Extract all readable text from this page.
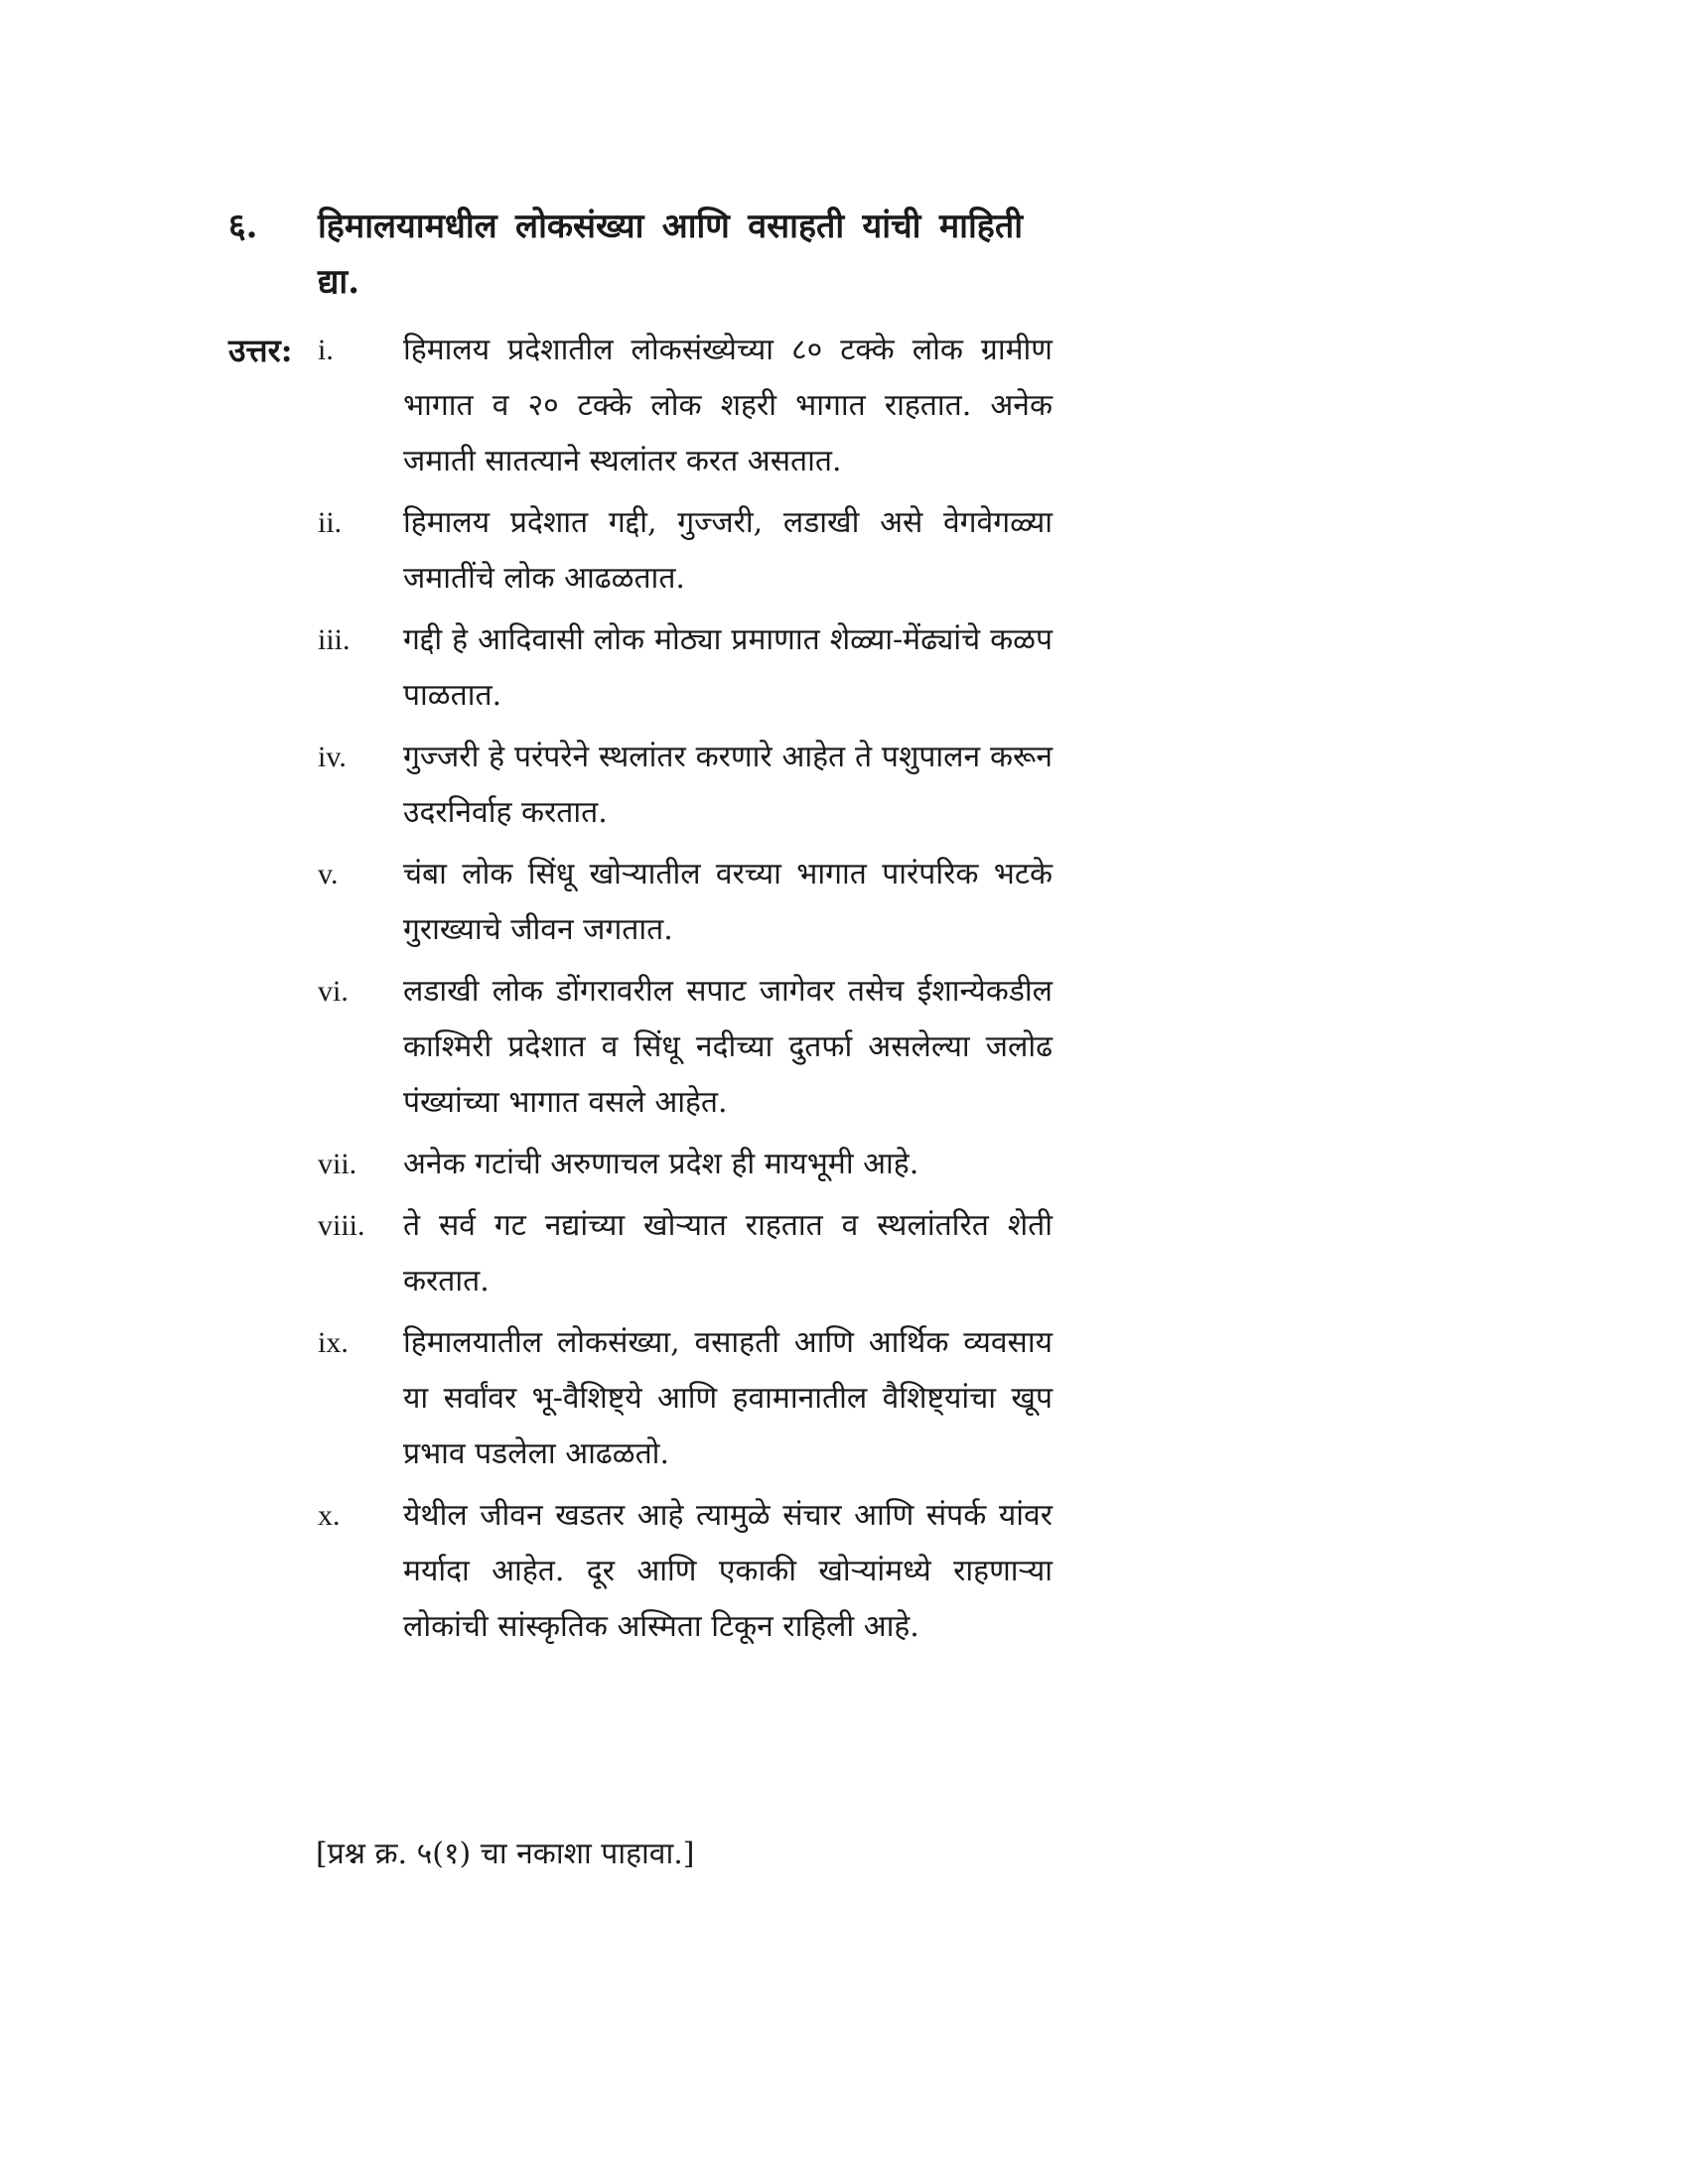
६. हिमालयामधील लोकसंख्या आणि वसाहती यांची माहिती द्या.
उत्तर: i.	हिमालय प्रदेशातील लोकसंख्येच्या ८० टक्के लोक ग्रामीण भागात व २० टक्के लोक शहरी भागात राहतात. अनेक जमाती सातत्याने स्थलांतर करत असतात.
ii.	हिमालय प्रदेशात गद्दी, गुज्जरी, लडाखी असे वेगवेगळ्या जमातींचे लोक आढळतात.
iii.	गद्दी हे आदिवासी लोक मोठ्या प्रमाणात शेळ्या-मेंढ्यांचे कळप पाळतात.
iv.	गुज्जरी हे परंपरेने स्थलांतर करणारे आहेत ते पशुपालन करून उदरनिर्वाह करतात.
v.	चंबा लोक सिंधू खोऱ्यातील वरच्या भागात पारंपरिक भटके गुराख्याचे जीवन जगतात.
vi.	लडाखी लोक डोंगरावरील सपाट जागेवर तसेच ईशान्येकडील काश्मिरी प्रदेशात व सिंधू नदीच्या दुतर्फा असलेल्या जलोढ पंख्यांच्या भागात वसले आहेत.
vii.	अनेक गटांची अरुणाचल प्रदेश ही मायभूमी आहे.
viii.	ते सर्व गट नद्यांच्या खोऱ्यात राहतात व स्थलांतरित शेती करतात.
ix.	हिमालयातील लोकसंख्या, वसाहती आणि आर्थिक व्यवसाय या सर्वांवर भू-वैशिष्ट्ये आणि हवामानातील वैशिष्ट्यांचा खूप प्रभाव पडलेला आढळतो.
x.	येथील जीवन खडतर आहे त्यामुळे संचार आणि संपर्क यांवर मर्यादा आहेत. दूर आणि एकाकी खोऱ्यांमध्ये राहणाऱ्या लोकांची सांस्कृतिक अस्मिता टिकून राहिली आहे.
[प्रश्न क्र. ५(१) चा नकाशा पाहावा.]
